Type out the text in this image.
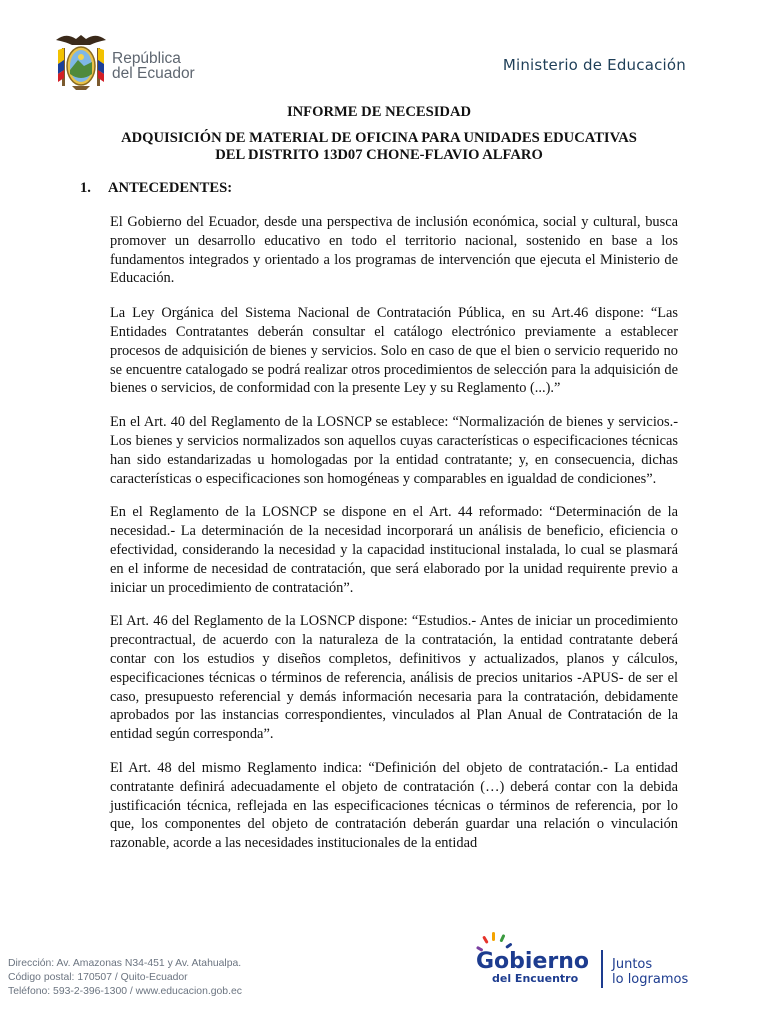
República
del Ecuador	Ministerio de Educación
INFORME DE NECESIDAD
ADQUISICIÓN DE MATERIAL DE OFICINA PARA UNIDADES EDUCATIVAS
DEL DISTRITO 13D07 CHONE-FLAVIO ALFARO
1.	ANTECEDENTES:

El Gobierno del Ecuador, desde una perspectiva de inclusión económica, social y cultural, busca promover un desarrollo educativo en todo el territorio nacional, sostenido en base a los fundamentos integrados y orientado a los programas de intervención que ejecuta el Ministerio de Educación.

La Ley Orgánica del Sistema Nacional de Contratación Pública, en su Art.46 dispone: “Las Entidades Contratantes deberán consultar el catálogo electrónico previamente a establecer procesos de adquisición de bienes y servicios. Solo en caso de que el bien o servicio requerido no se encuentre catalogado se podrá realizar otros procedimientos de selección para la adquisición de bienes o servicios, de conformidad con la presente Ley y su Reglamento (...).”

En el Art. 40 del Reglamento de la LOSNCP se establece: “Normalización de bienes y servicios.- Los bienes y servicios normalizados son aquellos cuyas características o especificaciones técnicas han sido estandarizadas u homologadas por la entidad contratante; y, en consecuencia, dichas características o especificaciones son homogéneas y comparables en igualdad de condiciones”.

En el Reglamento de la LOSNCP se dispone en el Art. 44 reformado: “Determinación de la necesidad.- La determinación de la necesidad incorporará un análisis de beneficio, eficiencia o efectividad, considerando la necesidad y la capacidad institucional instalada, lo cual se plasmará en el informe de necesidad de contratación, que será elaborado por la unidad requirente previo a iniciar un procedimiento de contratación”.

El Art. 46 del Reglamento de la LOSNCP dispone: “Estudios.- Antes de iniciar un procedimiento precontractual, de acuerdo con la naturaleza de la contratación, la entidad contratante deberá contar con los estudios y diseños completos, definitivos y actualizados, planos y cálculos, especificaciones técnicas o términos de referencia, análisis de precios unitarios -APUS- de ser el caso, presupuesto referencial y demás información necesaria para la contratación, debidamente aprobados por las instancias correspondientes, vinculados al Plan Anual de Contratación de la entidad según corresponda”.

El Art. 48 del mismo Reglamento indica: “Definición del objeto de contratación.- La entidad contratante definirá adecuadamente el objeto de contratación (…) deberá contar con la debida justificación técnica, reflejada en las especificaciones técnicas o términos de referencia, por lo que, los componentes del objeto de contratación deberán guardar una relación o vinculación razonable, acorde a las necesidades institucionales de la entidad

Dirección: Av. Amazonas N34-451 y Av. Atahualpa.
Código postal: 170507 / Quito-Ecuador
Teléfono: 593-2-396-1300 / www.educacion.gob.ec
Gobierno
del Encuentro
Juntos
lo logramos
